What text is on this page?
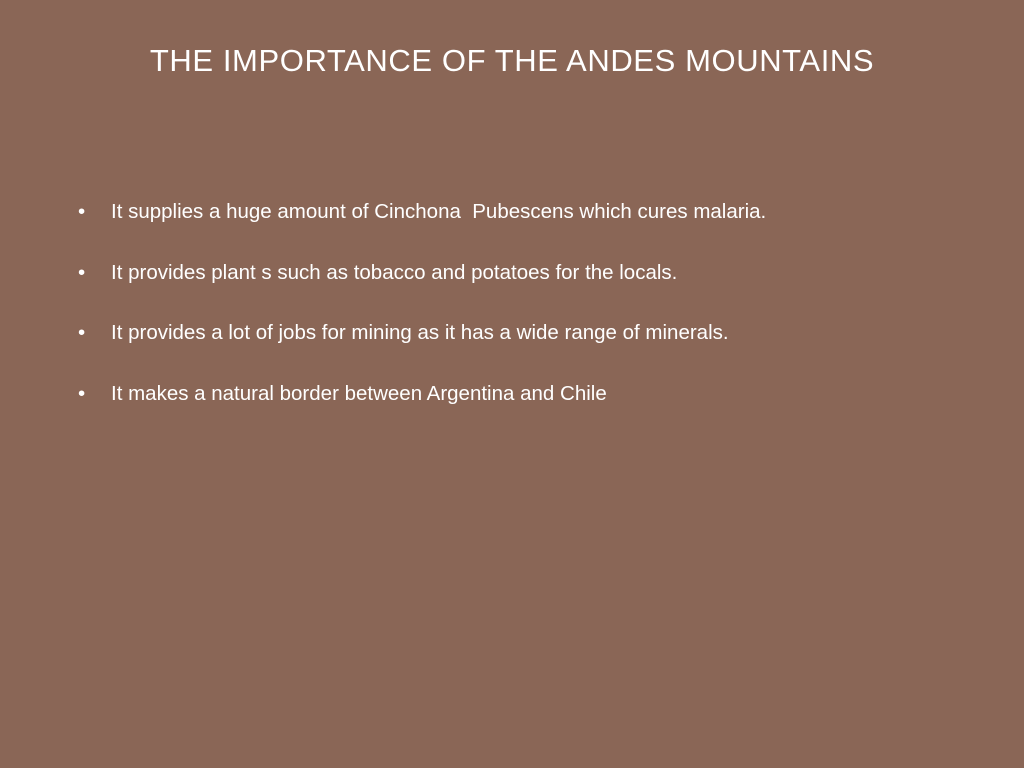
THE IMPORTANCE OF THE ANDES MOUNTAINS
•	It supplies a huge amount of Cinchona  Pubescens which cures malaria.
•	It provides plant s such as tobacco and potatoes for the locals.
•	It provides a lot of jobs for mining as it has a wide range of minerals.
•	It makes a natural border between Argentina and Chile
